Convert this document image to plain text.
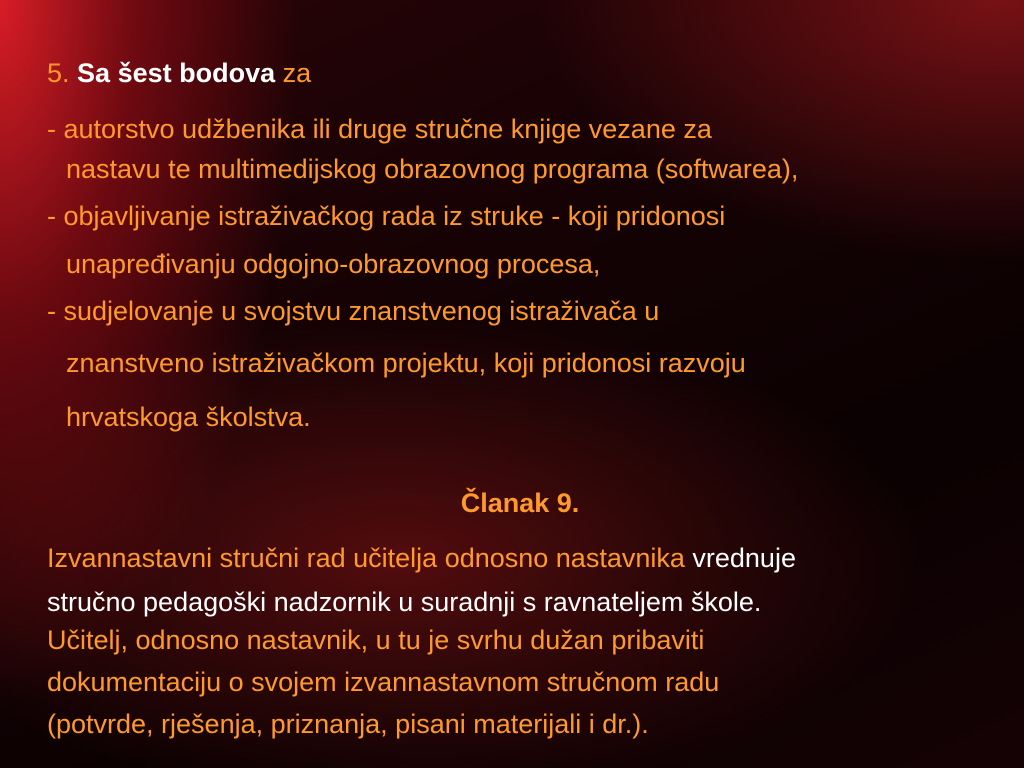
5. Sa šest bodova za
- autorstvo udžbenika ili druge stručne knjige vezane za
nastavu te multimedijskog obrazovnog programa (softwarea),
- objavljivanje istraživačkog rada iz struke - koji pridonosi
unapređivanju odgojno-obrazovnog procesa,
- sudjelovanje u svojstvu znanstvenog istraživača u
znanstveno istraživačkom projektu, koji pridonosi razvoju
hrvatskoga školstva.
Članak 9.
Izvannastavni stručni rad učitelja odnosno nastavnika vrednuje
stručno pedagoški nadzornik u suradnji s ravnateljem škole.
Učitelj, odnosno nastavnik, u tu je svrhu dužan pribaviti
dokumentaciju o svojem izvannastavnom stručnom radu
(potvrde, rješenja, priznanja, pisani materijali i dr.).
